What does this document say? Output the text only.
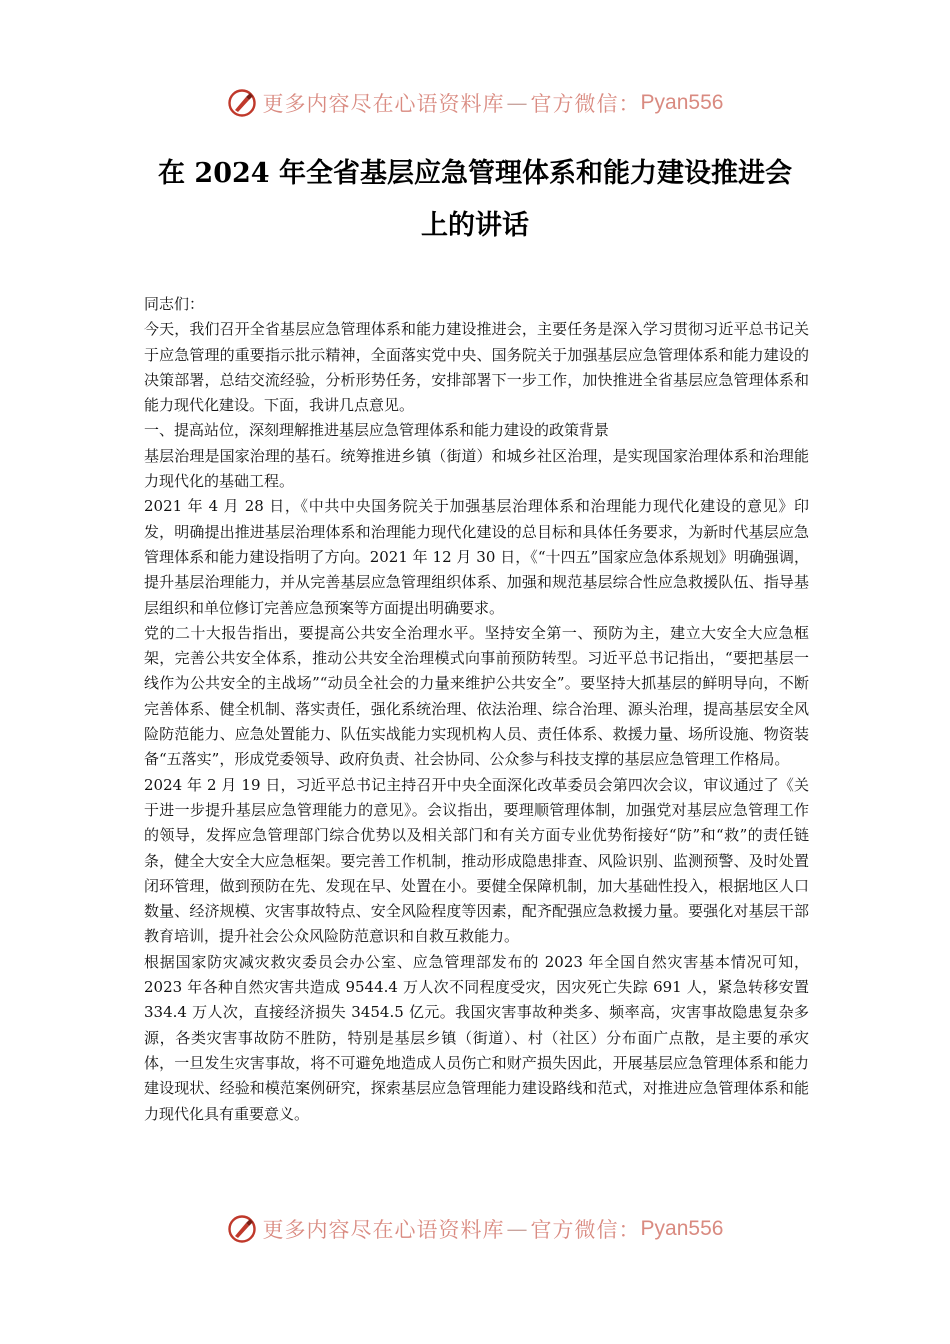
更多内容尽在心语资料库 — 官方微信： Pyan556
在 2024 年全省基层应急管理体系和能力建设推进会
上的讲话

同志们：

今天，我们召开全省基层应急管理体系和能力建设推进会，主要任务是深入学习贯彻习近平总书记关于应急管理的重要指示批示精神，全面落实党中央、国务院关于加强基层应急管理体系和能力建设的决策部署，总结交流经验，分析形势任务，安排部署下一步工作，加快推进全省基层应急管理体系和能力现代化建设。下面，我讲几点意见。

一、提高站位，深刻理解推进基层应急管理体系和能力建设的政策背景

基层治理是国家治理的基石。统筹推进乡镇（街道）和城乡社区治理，是实现国家治理体系和治理能力现代化的基础工程。

2021 年 4 月 28 日，《中共中央国务院关于加强基层治理体系和治理能力现代化建设的意见》印发，明确提出推进基层治理体系和治理能力现代化建设的总目标和具体任务要求，为新时代基层应急管理体系和能力建设指明了方向。2021 年 12 月 30 日，《“十四五”国家应急体系规划》明确强调，提升基层治理能力，并从完善基层应急管理组织体系、加强和规范基层综合性应急救援队伍、指导基层组织和单位修订完善应急预案等方面提出明确要求。

党的二十大报告指出，要提高公共安全治理水平。坚持安全第一、预防为主，建立大安全大应急框架，完善公共安全体系，推动公共安全治理模式向事前预防转型。习近平总书记指出，“要把基层一线作为公共安全的主战场”“动员全社会的力量来维护公共安全”。要坚持大抓基层的鲜明导向，不断完善体系、健全机制、落实责任，强化系统治理、依法治理、综合治理、源头治理，提高基层安全风险防范能力、应急处置能力、队伍实战能力实现机构人员、责任体系、救援力量、场所设施、物资装备“五落实”，形成党委领导、政府负责、社会协同、公众参与科技支撑的基层应急管理工作格局。

2024 年 2 月 19 日，习近平总书记主持召开中央全面深化改革委员会第四次会议，审议通过了《关于进一步提升基层应急管理能力的意见》。会议指出，要理顺管理体制，加强党对基层应急管理工作的领导，发挥应急管理部门综合优势以及相关部门和有关方面专业优势衔接好“防”和“救”的责任链条，健全大安全大应急框架。要完善工作机制，推动形成隐患排查、风险识别、监测预警、及时处置闭环管理，做到预防在先、发现在早、处置在小。要健全保障机制，加大基础性投入，根据地区人口数量、经济规模、灾害事故特点、安全风险程度等因素，配齐配强应急救援力量。要强化对基层干部教育培训，提升社会公众风险防范意识和自救互救能力。

根据国家防灾减灾救灾委员会办公室、应急管理部发布的 2023 年全国自然灾害基本情况可知，2023 年各种自然灾害共造成 9544.4 万人次不同程度受灾，因灾死亡失踪 691 人，紧急转移安置 334.4 万人次，直接经济损失 3454.5 亿元。我国灾害事故种类多、频率高，灾害事故隐患复杂多源，各类灾害事故防不胜防，特别是基层乡镇（街道）、村（社区）分布面广点散，是主要的承灾体，一旦发生灾害事故，将不可避免地造成人员伤亡和财产损失因此，开展基层应急管理体系和能力建设现状、经验和模范案例研究，探索基层应急管理能力建设路线和范式，对推进应急管理体系和能力现代化具有重要意义。

更多内容尽在心语资料库 — 官方微信： Pyan556
